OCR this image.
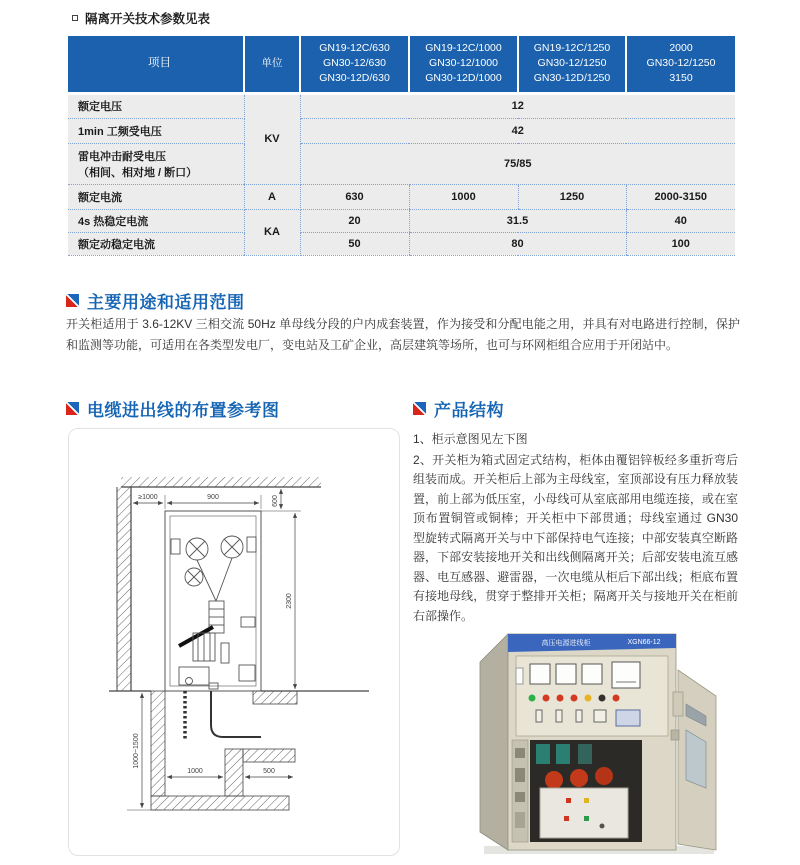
隔离开关技术参数见表
项目	单位	GN19-12C/630
GN30-12/630
GN30-12D/630	GN19-12C/1000
GN30-12/1000
GN30-12D/1000	GN19-12C/1250
GN30-12/1250
GN30-12D/1250	2000
GN30-12/1250
3150

额定电压	KV	12			
1min 工频受电压		42			

雷电冲击耐受电压
（相间、相对地 / 断口）		75/85			
额定电流	A	630	1000	1250	2000-3150
4s 热稳定电流	KA	20	31.5		40
额定动稳定电流		50	80		100
主要用途和适用范围
开关柜适用于 3.6-12KV 三相交流 50Hz 单母线分段的户内成套装置，作为接受和分配电能之用，并具有对电路进行控制，保护和监测等功能，可适用在各类型发电厂，变电站及工矿企业，高层建筑等场所，也可与环网柜组合应用于开闭站中。
电缆进出线的布置参考图	产品结构
≥1000	900	600
2300
1000~1500
1000	500

1、柜示意图见左下图

2、开关柜为箱式固定式结构，柜体由覆铝锌板经多重折弯后组装而成。开关柜后上部为主母线室，室顶部设有压力释放装置，前上部为低压室，小母线可从室底部用电缆连接，或在室顶布置铜管或铜棒；开关柜中下部贯通；母线室通过 GN30 型旋转式隔离开关与中下部保持电气连接；中部安装真空断路器，下部安装接地开关和出线侧隔离开关；后部安装电流互感器、电互感器、避雷器，一次电缆从柜后下部出线；柜底布置有接地母线，贯穿于整排开关柜；隔离开关与接地开关在柜前右部操作。

高压电源进线柜	XGN66-12
